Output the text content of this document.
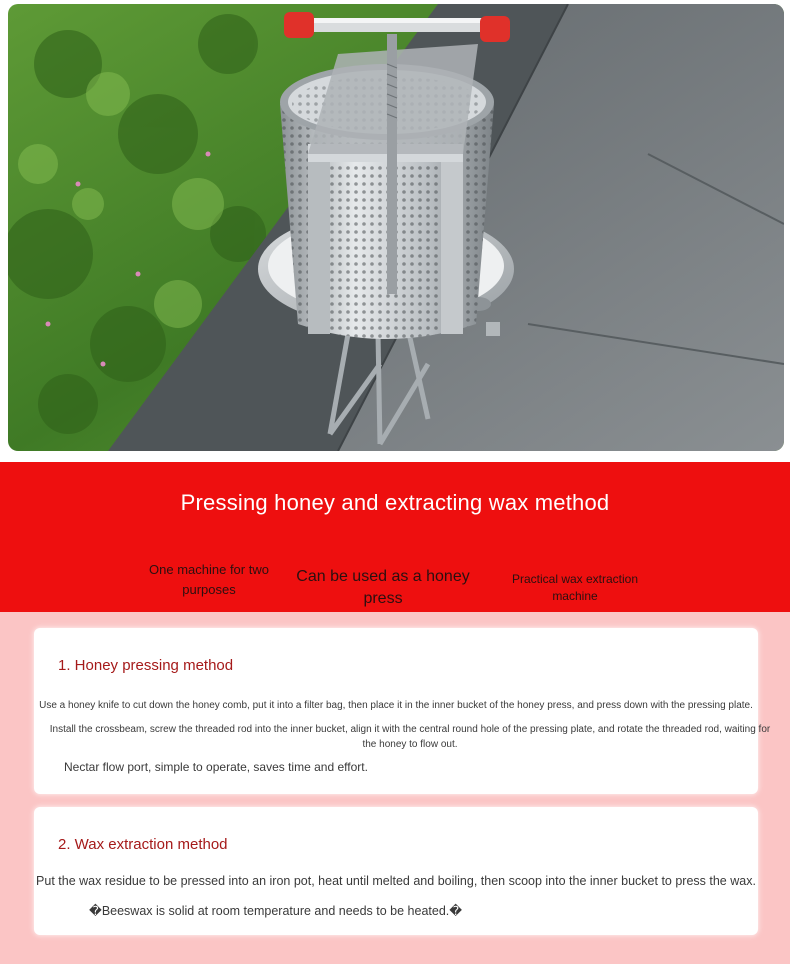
Pressing honey and extracting wax method
One machine for two purposes
Can be used as a honey press
Practical wax extraction machine
1. Honey pressing method
Use a honey knife to cut down the honey comb, put it into a filter bag, then place it in the inner bucket of the honey press, and press down with the pressing plate.
Install the crossbeam, screw the threaded rod into the inner bucket, align it with the central round hole of the pressing plate, and rotate the threaded rod, waiting for the honey to flow out.
Nectar flow port, simple to operate, saves time and effort.
2. Wax extraction method
Put the wax residue to be pressed into an iron pot, heat until melted and boiling, then scoop into the inner bucket to press the wax.
�Beeswax is solid at room temperature and needs to be heated.�
